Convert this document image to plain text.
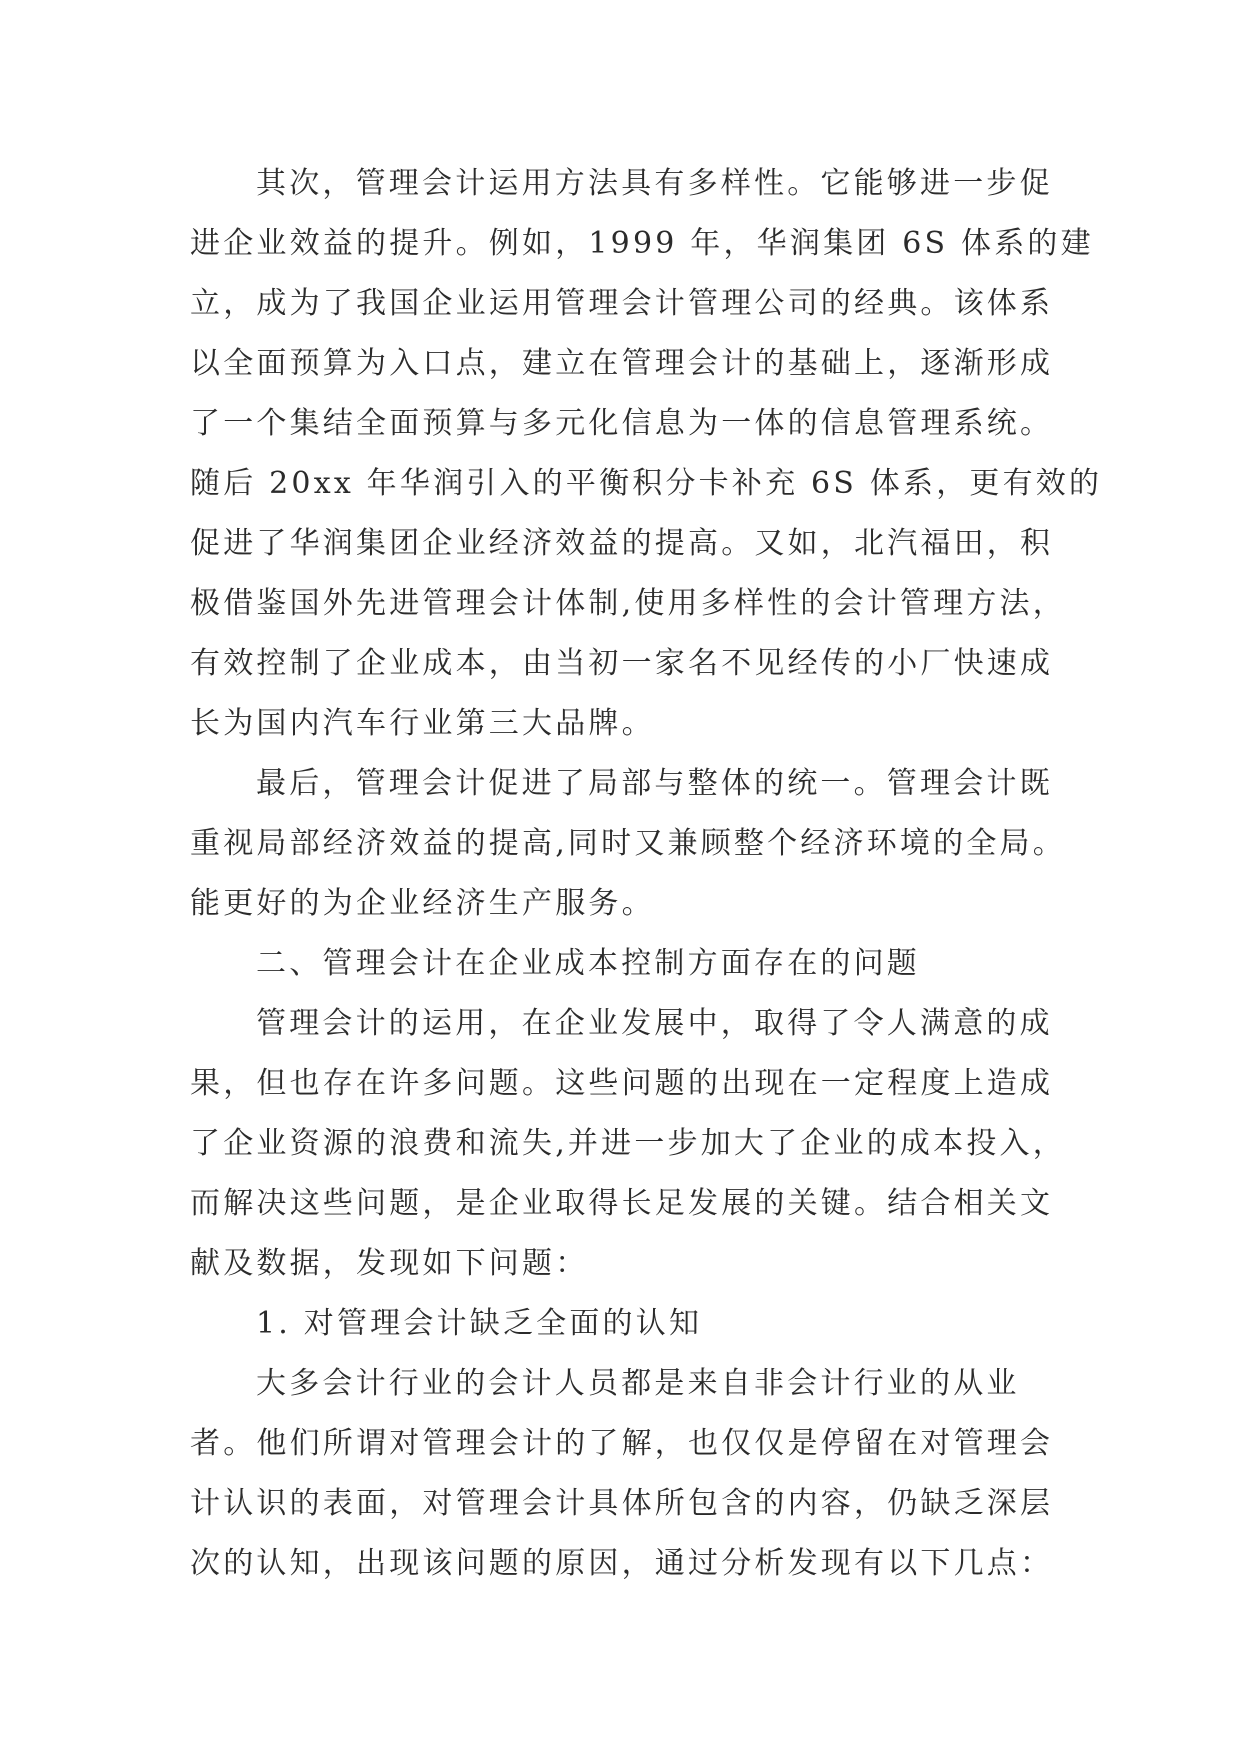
其次，管理会计运用方法具有多样性。它能够进一步促
进企业效益的提升。例如，1999 年，华润集团 6S 体系的建
立，成为了我国企业运用管理会计管理公司的经典。该体系
以全面预算为入口点，建立在管理会计的基础上，逐渐形成
了一个集结全面预算与多元化信息为一体的信息管理系统。
随后 20xx 年华润引入的平衡积分卡补充 6S 体系，更有效的
促进了华润集团企业经济效益的提高。又如，北汽福田，积
极借鉴国外先进管理会计体制,使用多样性的会计管理方法，
有效控制了企业成本，由当初一家名不见经传的小厂快速成
长为国内汽车行业第三大品牌。
最后，管理会计促进了局部与整体的统一。管理会计既
重视局部经济效益的提高,同时又兼顾整个经济环境的全局。
能更好的为企业经济生产服务。
二、管理会计在企业成本控制方面存在的问题
管理会计的运用，在企业发展中，取得了令人满意的成
果，但也存在许多问题。这些问题的出现在一定程度上造成
了企业资源的浪费和流失,并进一步加大了企业的成本投入，
而解决这些问题，是企业取得长足发展的关键。结合相关文
献及数据，发现如下问题：
1. 对管理会计缺乏全面的认知
大多会计行业的会计人员都是来自非会计行业的从业
者。他们所谓对管理会计的了解，也仅仅是停留在对管理会
计认识的表面，对管理会计具体所包含的内容，仍缺乏深层
次的认知，出现该问题的原因，通过分析发现有以下几点：
